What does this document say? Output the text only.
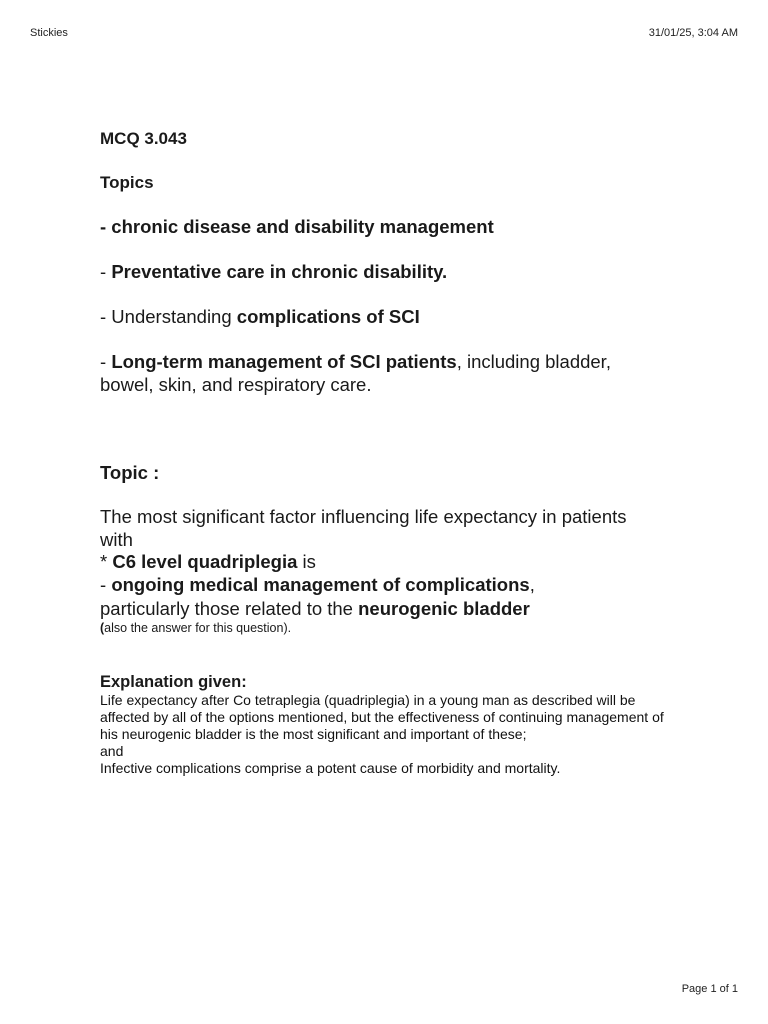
Stickies	31/01/25, 3:04 AM
MCQ 3.043
Topics
- chronic disease and disability management
- Preventative care in chronic disability.
- Understanding complications of SCI
- Long-term management of SCI patients, including bladder, bowel, skin, and respiratory care.
Topic :
The most significant factor influencing life expectancy in patients with
* C6 level quadriplegia is
- ongoing medical management of complications,
particularly those related to the neurogenic bladder
(also the answer for this question).
Explanation given:
Life expectancy after Co tetraplegia (quadriplegia) in a young man as described will be affected by all of the options mentioned, but the effectiveness of continuing management of his neurogenic bladder is the most significant and important of these;
and
Infective complications comprise a potent cause of morbidity and mortality.
Page 1 of 1
